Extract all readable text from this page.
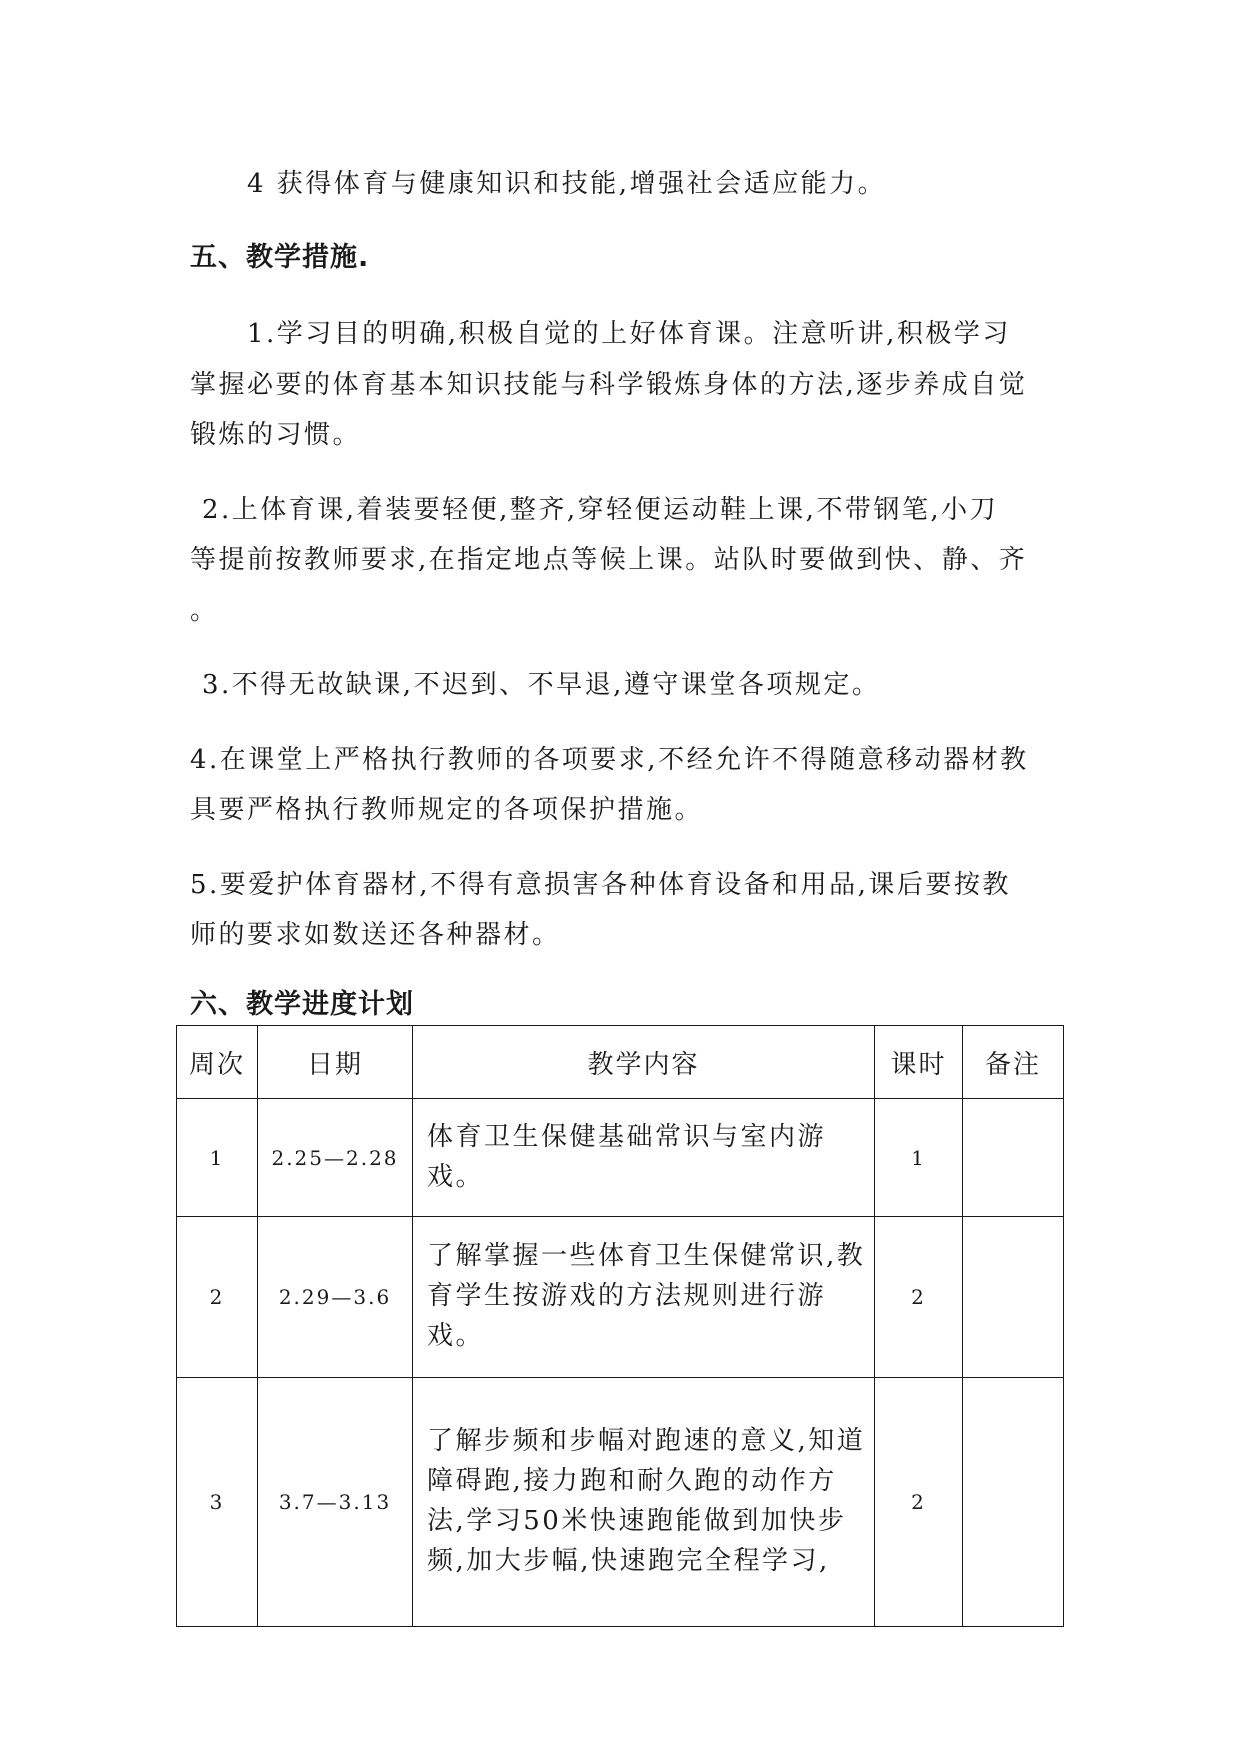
4 获得体育与健康知识和技能,增强社会适应能力。
五、教学措施.
1.学习目的明确,积极自觉的上好体育课。注意听讲,积极学习
掌握必要的体育基本知识技能与科学锻炼身体的方法,逐步养成自觉
锻炼的习惯。
2.上体育课,着装要轻便,整齐,穿轻便运动鞋上课,不带钢笔,小刀
等提前按教师要求,在指定地点等候上课。站队时要做到快、静、齐
。
3.不得无故缺课,不迟到、不早退,遵守课堂各项规定。
4.在课堂上严格执行教师的各项要求,不经允许不得随意移动器材教
具要严格执行教师规定的各项保护措施。
5.要爱护体育器材,不得有意损害各种体育设备和用品,课后要按教
师的要求如数送还各种器材。
六、教学进度计划
周次	日期	教学内容	课时	备注
1	2.25—2.28	体育卫生保健基础常识与室内游戏。	1	
2	2.29—3.6	了解掌握一些体育卫生保健常识,教育学生按游戏的方法规则进行游戏。	2	
3	3.7—3.13	了解步频和步幅对跑速的意义,知道障碍跑,接力跑和耐久跑的动作方法,学习50米快速跑能做到加快步频,加大步幅,快速跑完全程学习,	2	
